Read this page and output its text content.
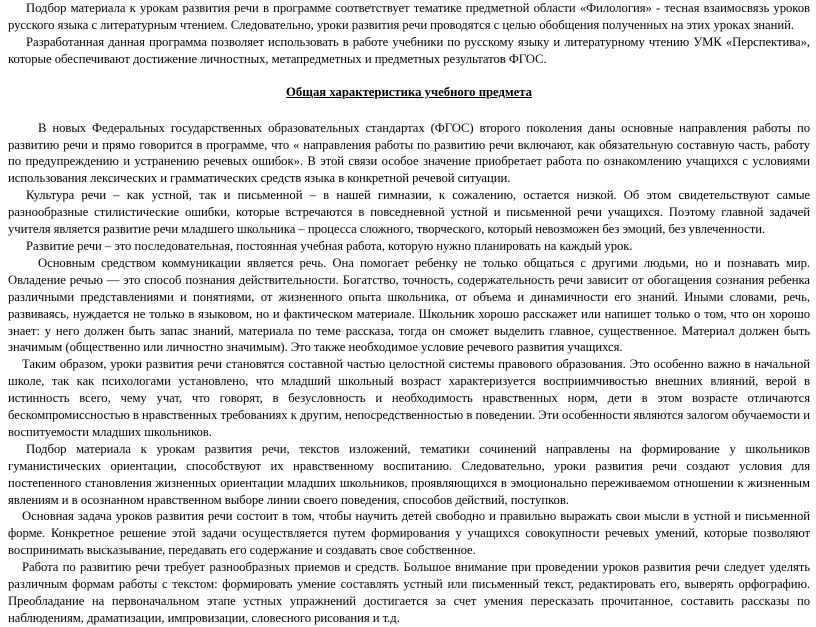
Подбор материала к урокам развития речи в программе соответствует тематике предметной области «Филология» - тесная взаимосвязь уроков русского языка с литературным чтением. Следовательно, уроки развития речи проводятся с целью обобщения полученных на этих уроках знаний.

Разработанная данная программа позволяет использовать в работе учебники по русскому языку и литературному чтению УМК «Перспектива», которые обеспечивают достижение личностных, метапредметных и предметных результатов ФГОС.

Общая характеристика учебного предмета

В новых Федеральных государственных образовательных стандартах (ФГОС) второго поколения даны основные направления работы по развитию речи и прямо говорится в программе, что « направления работы по развитию речи включают, как обязательную составную часть, работу по предупреждению и устранению речевых ошибок». В этой связи особое значение приобретает работа по ознакомлению учащихся с условиями использования лексических и грамматических средств языка в конкретной речевой ситуации.

Культура речи – как устной, так и письменной – в нашей гимназии, к сожалению, остается низкой. Об этом свидетельствуют самые разнообразные стилистические ошибки, которые встречаются в повседневной устной и письменной речи учащихся. Поэтому главной задачей учителя является развитие речи младшего школьника – процесса сложного, творческого, который невозможен без эмоций, без увлеченности.

Развитие речи – это последовательная, постоянная учебная работа, которую нужно планировать на каждый урок.

Основным средством коммуникации является речь. Она помогает ребенку не только общаться с другими людьми, но и познавать мир. Овладение речью — это способ познания действительности. Богатство, точность, содержательность речи зависит от обогащения сознания ребенка различными представлениями и понятиями, от жизненного опыта школьника, от объема и динамичности его знаний. Иными словами, речь, развиваясь, нуждается не только в языковом, но и фактическом материале. Школьник хорошо расскажет или напишет только о том, что он хорошо знает: у него должен быть запас знаний, материала по теме рассказа, тогда он сможет выделить главное, существенное. Материал должен быть значимым (общественно или личностно значимым). Это также необходимое условие речевого развития учащихся.

Таким образом, уроки развития речи становятся составной частью целостной системы правового образования. Это особенно важно в начальной школе, так как психологами установлено, что младший школьный возраст характеризуется восприимчивостью внешних влияний, верой в истинность всего, чему учат, что говорят, в безусловность и необходимость нравственных норм, дети в этом возрасте отличаются бескомпромиссностью в нравственных требованиях к другим, непосредственностью в поведении. Эти особенности являются залогом обучаемости и воспитуемости младших школьников.

Подбор материала к урокам развития речи, текстов изложений, тематики сочинений направлены на формирование у школьников гуманистических ориентации, способствуют их нравственному воспитанию. Следовательно, уроки развития речи создают условия для постепенного становления жизненных ориентации младших школьников, проявляющихся в эмоционально переживаемом отношении к жизненным явлениям и в осознанном нравственном выборе линии своего поведения, способов действий, поступков.

Основная задача уроков развития речи состоит в том, чтобы научить детей свободно и правильно выражать свои мысли в устной и письменной форме. Конкретное решение этой задачи осуществляется путем формирования у учащихся совокупности речевых умений, которые позволяют воспринимать высказывание, передавать его содержание и создавать свое собственное.

Работа по развитию речи требует разнообразных приемов и средств. Большое внимание при проведении уроков развития речи следует уделять различным формам работы с текстом: формировать умение составлять устный или письменный текст, редактировать его, выверять орфографию. Преобладание на первоначальном этапе устных упражнений достигается за счет умения пересказать прочитанное, составить рассказы по наблюдениям, драматизации, импровизации, словесного рисования и т.д.
